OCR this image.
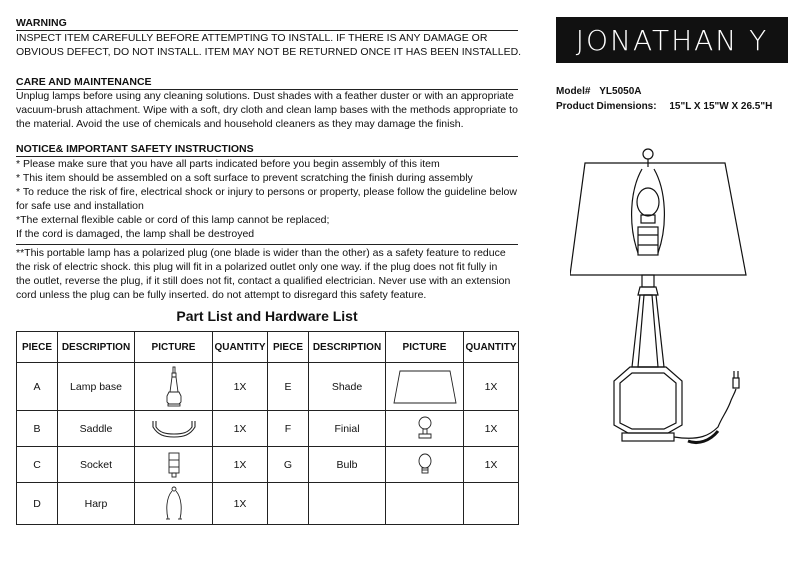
WARNING
INSPECT ITEM CAREFULLY BEFORE ATTEMPTING TO INSTALL. IF THERE IS ANY DAMAGE OR
OBVIOUS DEFECT, DO NOT INSTALL. ITEM MAY NOT BE RETURNED ONCE IT HAS BEEN INSTALLED.
CARE AND MAINTENANCE
Unplug lamps before using any cleaning solutions. Dust shades with a feather duster or with an appropriate
vacuum-brush attachment. Wipe with a soft, dry cloth and clean lamp bases with the methods appropriate to
the material. Avoid the use of chemicals and household cleaners as they may damage the finish.
NOTICE& IMPORTANT SAFETY INSTRUCTIONS
* Please make sure that you have all parts indicated before you begin assembly of this item
* This item should be assembled on a soft surface to prevent scratching the finish during assembly
* To reduce the risk of fire, electrical shock or injury to persons or property, please follow the guideline below
for safe use and installation
*The external flexible cable or cord of this lamp cannot be replaced;
If the cord is damaged, the lamp shall be destroyed
**This portable lamp has a polarized plug (one blade is wider than the other) as a safety feature to reduce
the risk of electric shock. this plug will fit in a polarized outlet only one way. if the plug does not fit fully in
the outlet, reverse the plug, if it still does not fit, contact a qualified electrician. Never use with an extension
cord unless the plug can be fully inserted. do not attempt to disregard this safety feature.
JONATHAN Y
Model# YL5050A
Product Dimensions: 15"L X 15"W X 26.5"H
Part List and Hardware List
PIECE	DESCRIPTION	PICTURE	QUANTITY	PIECE	DESCRIPTION	PICTURE	QUANTITY
A	Lamp base		1X	E	Shade		1X
B	Saddle		1X	F	Finial		1X
C	Socket		1X	G	Bulb		1X
D	Harp		1X				
